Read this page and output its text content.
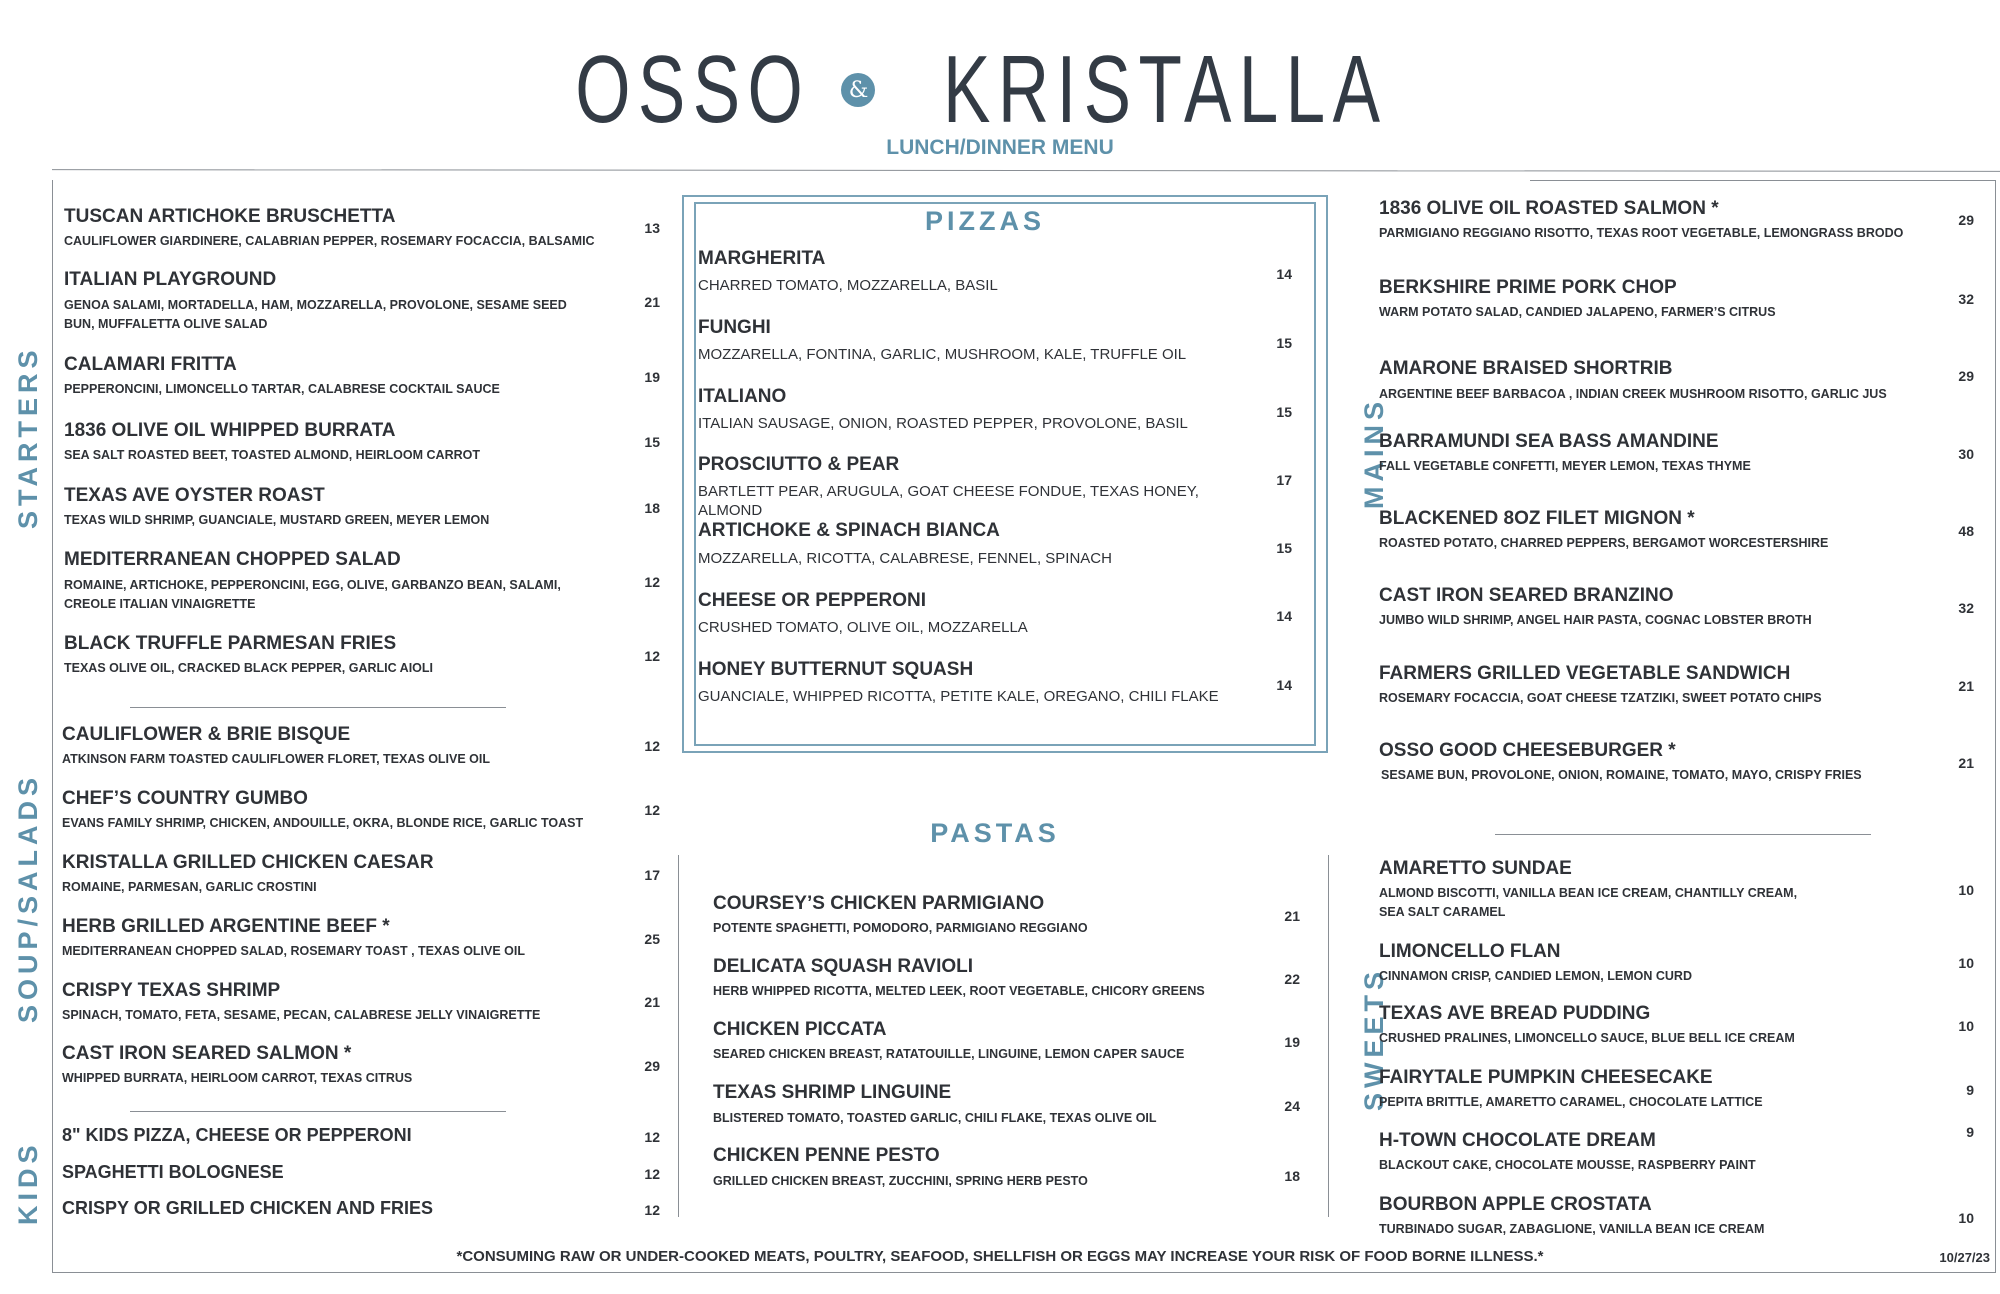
OSSO	& KRISTALLA
LUNCH/DINNER MENU
STARTERS
SOUP/SALADS
KIDS
MAINS
SWEETS
PIZZAS
PASTAS
TUSCAN ARTICHOKE BRUSCHETTA
CAULIFLOWER GIARDINERE, CALABRIAN PEPPER, ROSEMARY FOCACCIA, BALSAMIC
13
ITALIAN PLAYGROUND
GENOA SALAMI, MORTADELLA, HAM, MOZZARELLA, PROVOLONE, SESAME SEED BUN, MUFFALETTA OLIVE SALAD
21
CALAMARI FRITTA
PEPPERONCINI, LIMONCELLO TARTAR, CALABRESE COCKTAIL SAUCE
19
1836 OLIVE OIL WHIPPED BURRATA
SEA SALT ROASTED BEET, TOASTED ALMOND, HEIRLOOM CARROT
15
TEXAS AVE OYSTER ROAST
TEXAS WILD SHRIMP, GUANCIALE, MUSTARD GREEN, MEYER LEMON
18
MEDITERRANEAN CHOPPED SALAD
ROMAINE, ARTICHOKE, PEPPERONCINI, EGG, OLIVE, GARBANZO BEAN, SALAMI, CREOLE ITALIAN VINAIGRETTE
12
BLACK TRUFFLE PARMESAN FRIES
TEXAS OLIVE OIL, CRACKED BLACK PEPPER, GARLIC AIOLI
12
CAULIFLOWER & BRIE BISQUE
ATKINSON FARM TOASTED CAULIFLOWER FLORET, TEXAS OLIVE OIL
12
CHEF’S COUNTRY GUMBO
EVANS FAMILY SHRIMP, CHICKEN, ANDOUILLE, OKRA, BLONDE RICE, GARLIC TOAST
12
KRISTALLA GRILLED CHICKEN CAESAR
ROMAINE, PARMESAN, GARLIC CROSTINI
17
HERB GRILLED ARGENTINE BEEF *
MEDITERRANEAN CHOPPED SALAD, ROSEMARY TOAST , TEXAS OLIVE OIL
25
CRISPY TEXAS SHRIMP
SPINACH, TOMATO, FETA, SESAME, PECAN, CALABRESE JELLY VINAIGRETTE
21
CAST IRON SEARED SALMON *
WHIPPED BURRATA, HEIRLOOM CARROT, TEXAS CITRUS
29
8" KIDS PIZZA, CHEESE OR PEPPERONI	12
SPAGHETTI BOLOGNESE	12
CRISPY OR GRILLED CHICKEN AND FRIES	12
MARGHERITA
CHARRED TOMATO, MOZZARELLA, BASIL
14
FUNGHI
MOZZARELLA, FONTINA, GARLIC, MUSHROOM, KALE, TRUFFLE OIL
15
ITALIANO
ITALIAN SAUSAGE, ONION, ROASTED PEPPER, PROVOLONE, BASIL
15
PROSCIUTTO & PEAR
BARTLETT PEAR, ARUGULA, GOAT CHEESE FONDUE, TEXAS HONEY, ALMOND
17
ARTICHOKE & SPINACH BIANCA
MOZZARELLA, RICOTTA, CALABRESE, FENNEL, SPINACH
15
CHEESE OR PEPPERONI
CRUSHED TOMATO, OLIVE OIL, MOZZARELLA
14
HONEY BUTTERNUT SQUASH
GUANCIALE, WHIPPED RICOTTA, PETITE KALE, OREGANO, CHILI FLAKE
14
COURSEY’S CHICKEN PARMIGIANO
POTENTE SPAGHETTI, POMODORO, PARMIGIANO REGGIANO
21
DELICATA SQUASH RAVIOLI
HERB WHIPPED RICOTTA, MELTED LEEK, ROOT VEGETABLE, CHICORY GREENS
22
CHICKEN PICCATA
SEARED CHICKEN BREAST, RATATOUILLE, LINGUINE, LEMON CAPER SAUCE
19
TEXAS SHRIMP LINGUINE
BLISTERED TOMATO, TOASTED GARLIC, CHILI FLAKE, TEXAS OLIVE OIL
24
CHICKEN PENNE PESTO
GRILLED CHICKEN BREAST, ZUCCHINI, SPRING HERB PESTO	18
1836 OLIVE OIL ROASTED SALMON *
PARMIGIANO REGGIANO RISOTTO, TEXAS ROOT VEGETABLE, LEMONGRASS BRODO
29
BERKSHIRE PRIME PORK CHOP
WARM POTATO SALAD, CANDIED JALAPENO, FARMER’S CITRUS
32
AMARONE BRAISED SHORTRIB
ARGENTINE BEEF BARBACOA , INDIAN CREEK MUSHROOM RISOTTO, GARLIC JUS
29
BARRAMUNDI SEA BASS AMANDINE
FALL VEGETABLE CONFETTI, MEYER LEMON, TEXAS THYME
30
BLACKENED 8OZ FILET MIGNON *
ROASTED POTATO, CHARRED PEPPERS, BERGAMOT WORCESTERSHIRE
48
CAST IRON SEARED BRANZINO
JUMBO WILD SHRIMP, ANGEL HAIR PASTA, COGNAC LOBSTER BROTH
32
FARMERS GRILLED VEGETABLE SANDWICH
ROSEMARY FOCACCIA, GOAT CHEESE TZATZIKI, SWEET POTATO CHIPS
21
OSSO GOOD CHEESEBURGER *
SESAME BUN, PROVOLONE, ONION, ROMAINE, TOMATO, MAYO, CRISPY FRIES
21
AMARETTO SUNDAE
ALMOND BISCOTTI, VANILLA BEAN ICE CREAM, CHANTILLY CREAM, SEA SALT CARAMEL
10
LIMONCELLO FLAN
CINNAMON CRISP, CANDIED LEMON, LEMON CURD
10
TEXAS AVE BREAD PUDDING
CRUSHED PRALINES, LIMONCELLO SAUCE, BLUE BELL ICE CREAM
10
FAIRYTALE PUMPKIN CHEESECAKE
PEPITA BRITTLE, AMARETTO CARAMEL, CHOCOLATE LATTICE
9
H-TOWN CHOCOLATE DREAM
BLACKOUT CAKE, CHOCOLATE MOUSSE, RASPBERRY PAINT
9
BOURBON APPLE CROSTATA
TURBINADO SUGAR, ZABAGLIONE, VANILLA BEAN ICE CREAM
10
*CONSUMING RAW OR UNDER-COOKED MEATS, POULTRY, SEAFOOD, SHELLFISH OR EGGS MAY INCREASE YOUR RISK OF FOOD BORNE ILLNESS.*	10/27/23
